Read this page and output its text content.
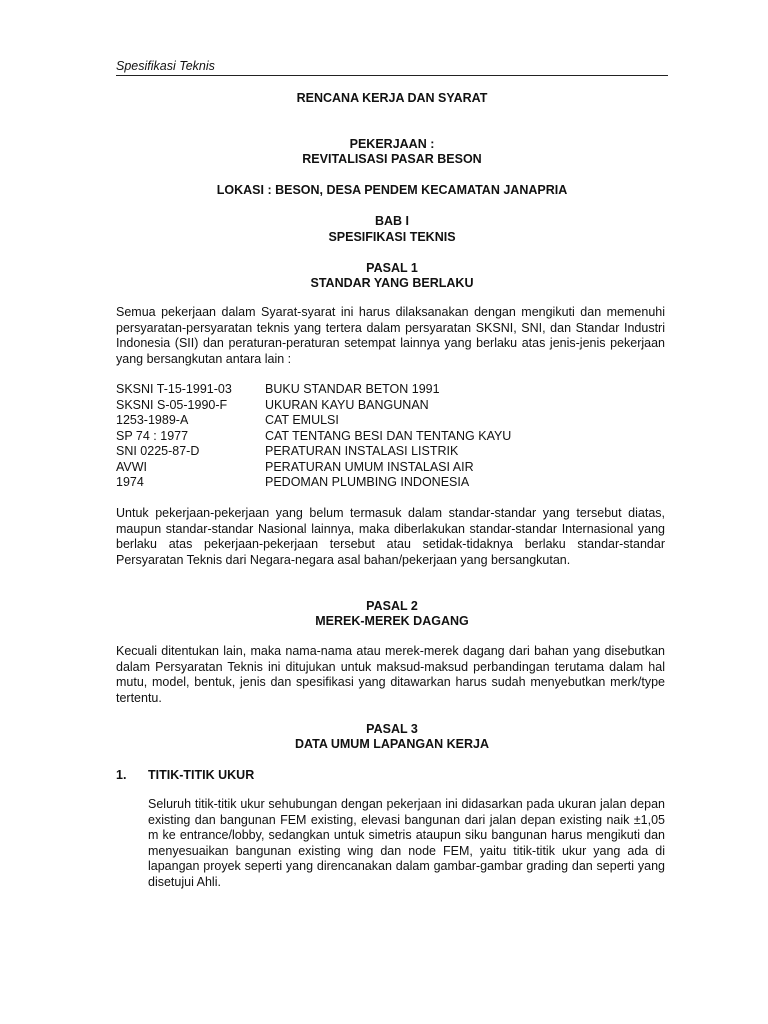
Spesifikasi Teknis
RENCANA KERJA DAN SYARAT
PEKERJAAN :
REVITALISASI PASAR BESON
LOKASI : BESON, DESA PENDEM KECAMATAN JANAPRIA
BAB I
SPESIFIKASI TEKNIS
PASAL 1
STANDAR YANG BERLAKU

Semua pekerjaan dalam Syarat-syarat ini harus dilaksanakan dengan mengikuti dan memenuhi persyaratan-persyaratan teknis yang tertera dalam persyaratan SKSNI, SNI, dan Standar Industri Indonesia (SII) dan peraturan-peraturan setempat lainnya yang berlaku atas jenis-jenis pekerjaan yang bersangkutan antara lain :

SKSNI T-15-1991-03	BUKU STANDAR BETON 1991
SKSNI S-05-1990-F	UKURAN KAYU BANGUNAN
1253-1989-A	CAT EMULSI
SP 74 : 1977	CAT TENTANG BESI DAN TENTANG KAYU
SNI 0225-87-D	PERATURAN INSTALASI LISTRIK
AVWI	PERATURAN UMUM INSTALASI AIR
1974	PEDOMAN PLUMBING INDONESIA

Untuk pekerjaan-pekerjaan yang belum termasuk dalam standar-standar yang tersebut diatas, maupun standar-standar Nasional lainnya, maka diberlakukan standar-standar Internasional yang berlaku atas pekerjaan-pekerjaan tersebut atau setidak-tidaknya berlaku standar-standar Persyaratan Teknis dari Negara-negara asal bahan/pekerjaan yang bersangkutan.

PASAL 2
MEREK-MEREK DAGANG

Kecuali ditentukan lain, maka nama-nama atau merek-merek dagang dari bahan yang disebutkan dalam Persyaratan Teknis ini ditujukan untuk maksud-maksud perbandingan terutama dalam hal mutu, model, bentuk, jenis dan spesifikasi yang ditawarkan harus sudah menyebutkan merk/type tertentu.

PASAL 3
DATA UMUM LAPANGAN KERJA
1. TITIK-TITIK UKUR

Seluruh titik-titik ukur sehubungan dengan pekerjaan ini didasarkan pada ukuran jalan depan existing dan bangunan FEM existing, elevasi bangunan dari jalan depan existing naik ±1,05 m ke entrance/lobby, sedangkan untuk simetris ataupun siku bangunan harus mengikuti dan menyesuaikan bangunan existing wing dan node FEM, yaitu titik-titik ukur yang ada di lapangan proyek seperti yang direncanakan dalam gambar-gambar grading dan seperti yang disetujui Ahli.
